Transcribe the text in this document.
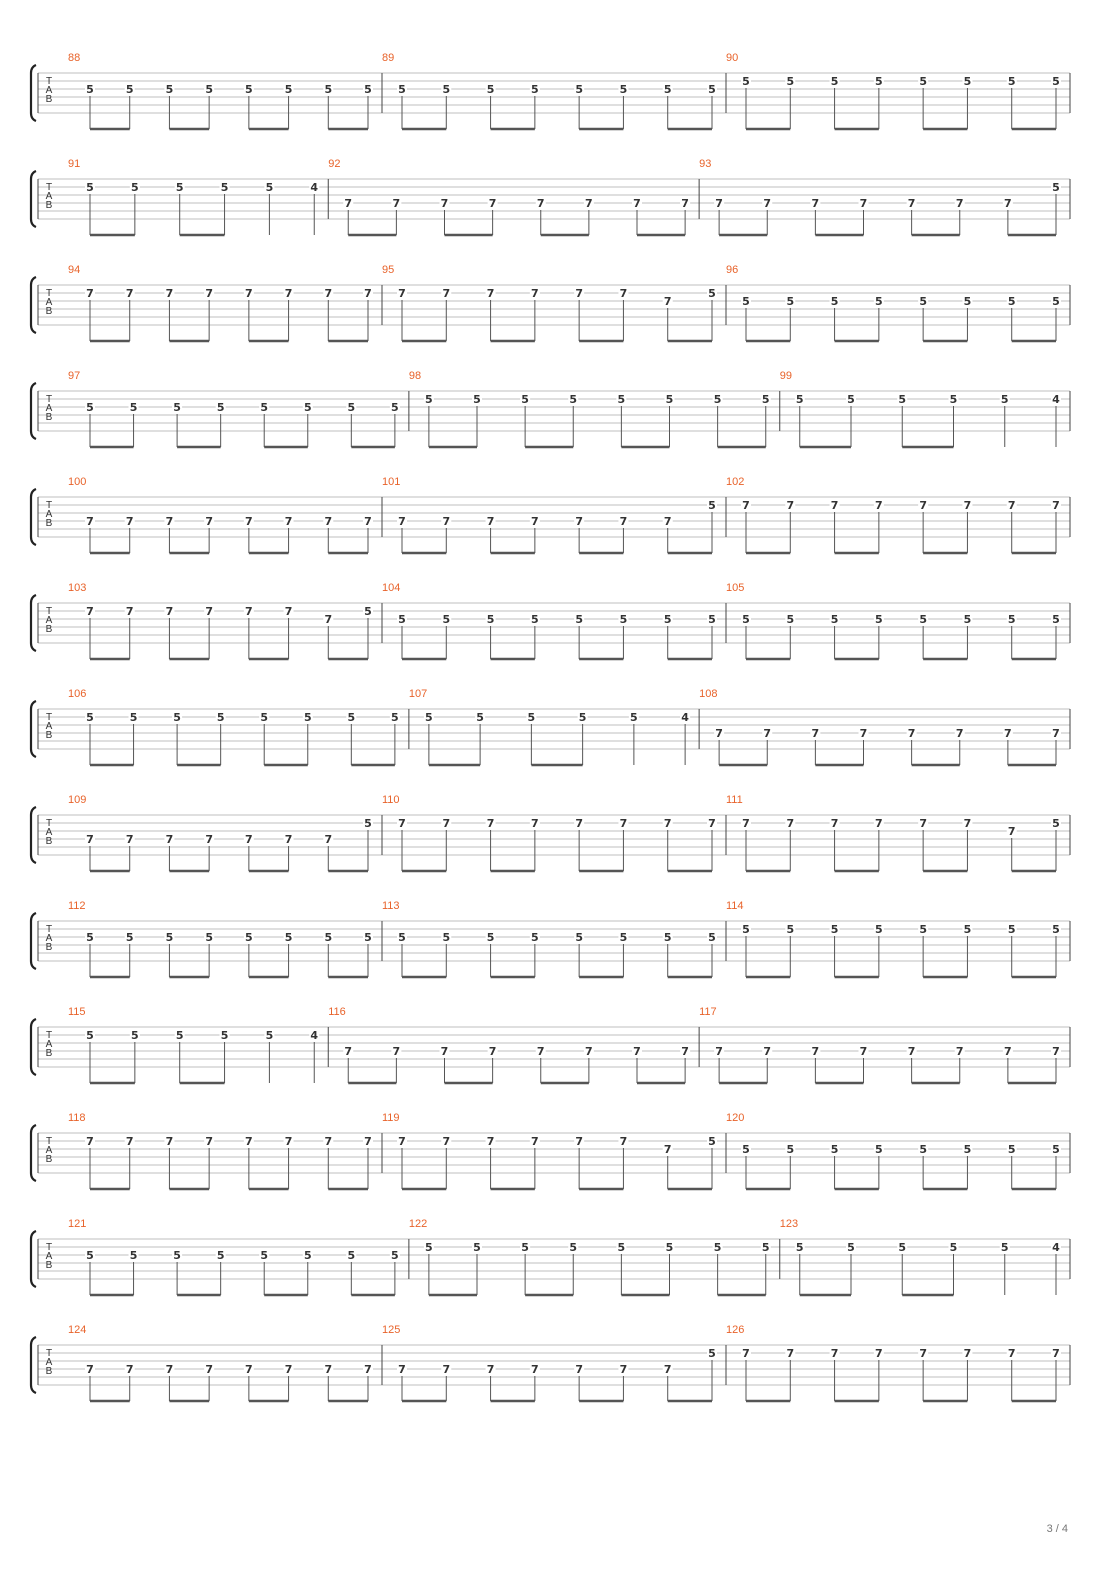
T
A
B
88
5	5	5	5	5	5	5	5
89
5	5	5	5	5	5	5	5
90
5	5	5	5	5	5	5	5
T
A
B
91
5	5	5	5	5	4
92
7	7	7	7	7	7	7	7
93
7	7	7	7	7	7	7
5
T
A
B
94
7	7	7	7	7	7	7	7
95
7	7	7	7	7	7
7
5
96
5	5	5	5	5	5	5	5
T
A
B
97
5	5	5	5	5	5	5	5
98
5	5	5	5	5	5	5	5
99
5	5	5	5	5	4
T
A
B
100
7	7	7	7	7	7	7	7
101
7	7	7	7	7	7	7
5
102
7	7	7	7	7	7	7	7
T
A
B
103
7	7	7	7	7	7
7
5
104
5	5	5	5	5	5	5	5
105
5	5	5	5	5	5	5	5
T
A
B
106
5	5	5	5	5	5	5	5
107
5	5	5	5	5	4
108
7	7	7	7	7	7	7	7
T
A
B
109
7	7	7	7	7	7	7
5
110
7	7	7	7	7	7	7	7
111
7	7	7	7	7	7
7
5
T
A
B
112
5	5	5	5	5	5	5	5
113
5	5	5	5	5	5	5	5
114
5	5	5	5	5	5	5	5
T
A
B
115
5	5	5	5	5	4
116
7	7	7	7	7	7	7	7
117
7	7	7	7	7	7	7	7
T
A
B
118
7	7	7	7	7	7	7	7
119
7	7	7	7	7	7
7
5
120
5	5	5	5	5	5	5	5
T
A
B
121
5	5	5	5	5	5	5	5
122
5	5	5	5	5	5	5	5
123
5	5	5	5	5	4
T
A
B
124
7	7	7	7	7	7	7	7
125
7	7	7	7	7	7	7
5
126
7	7	7	7	7	7	7	7
3 / 4
